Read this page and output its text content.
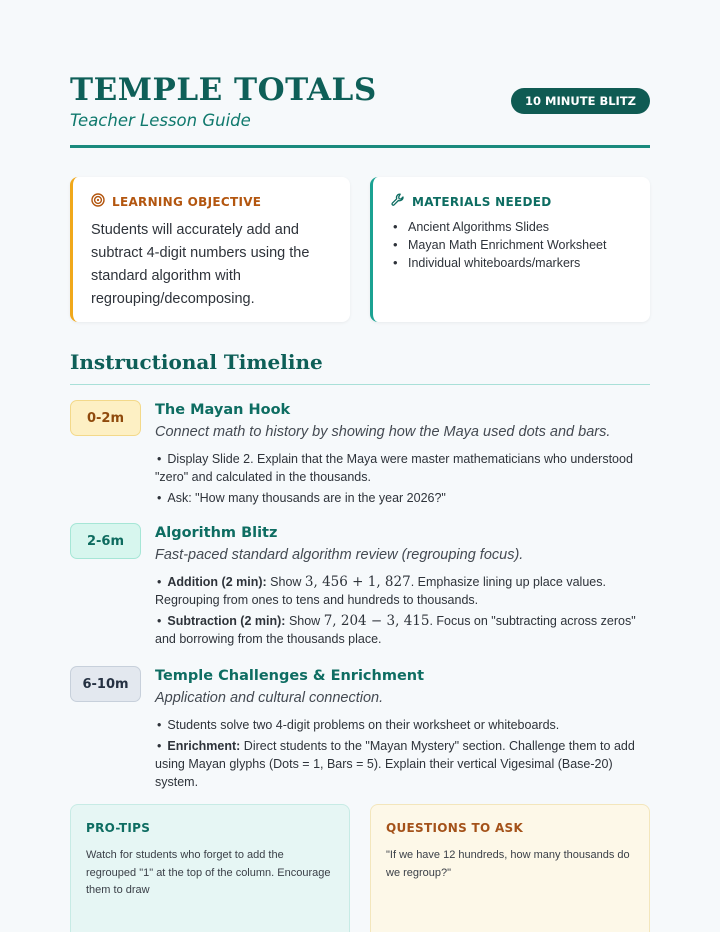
TEMPLE TOTALS
Teacher Lesson Guide
10 MINUTE BLITZ
LEARNING OBJECTIVE
Students will accurately add and subtract 4-digit numbers using the standard algorithm with regrouping/decomposing.
MATERIALS NEEDED
• Ancient Algorithms Slides
• Mayan Math Enrichment Worksheet
• Individual whiteboards/markers
Instructional Timeline
0-2m	The Mayan Hook
Connect math to history by showing how the Maya used dots and bars.
• Display Slide 2. Explain that the Maya were master mathematicians who understood "zero" and calculated in the thousands.
• Ask: "How many thousands are in the year 2026?"
2-6m	Algorithm Blitz
Fast-paced standard algorithm review (regrouping focus).
• Addition (2 min): Show 3, 456 + 1, 827. Emphasize lining up place values. Regrouping from ones to tens and hundreds to thousands.
• Subtraction (2 min): Show 7, 204 − 3, 415. Focus on "subtracting across zeros" and borrowing from the thousands place.
6-10m	Temple Challenges & Enrichment
Application and cultural connection.
• Students solve two 4-digit problems on their worksheet or whiteboards.
• Enrichment: Direct students to the "Mayan Mystery" section. Challenge them to add using Mayan glyphs (Dots = 1, Bars = 5). Explain their vertical Vigesimal (Base-20) system.
PRO-TIPS
Watch for students who forget to add the regrouped "1" at the top of the column. Encourage them to draw
QUESTIONS TO ASK
"If we have 12 hundreds, how many thousands do we regroup?"
